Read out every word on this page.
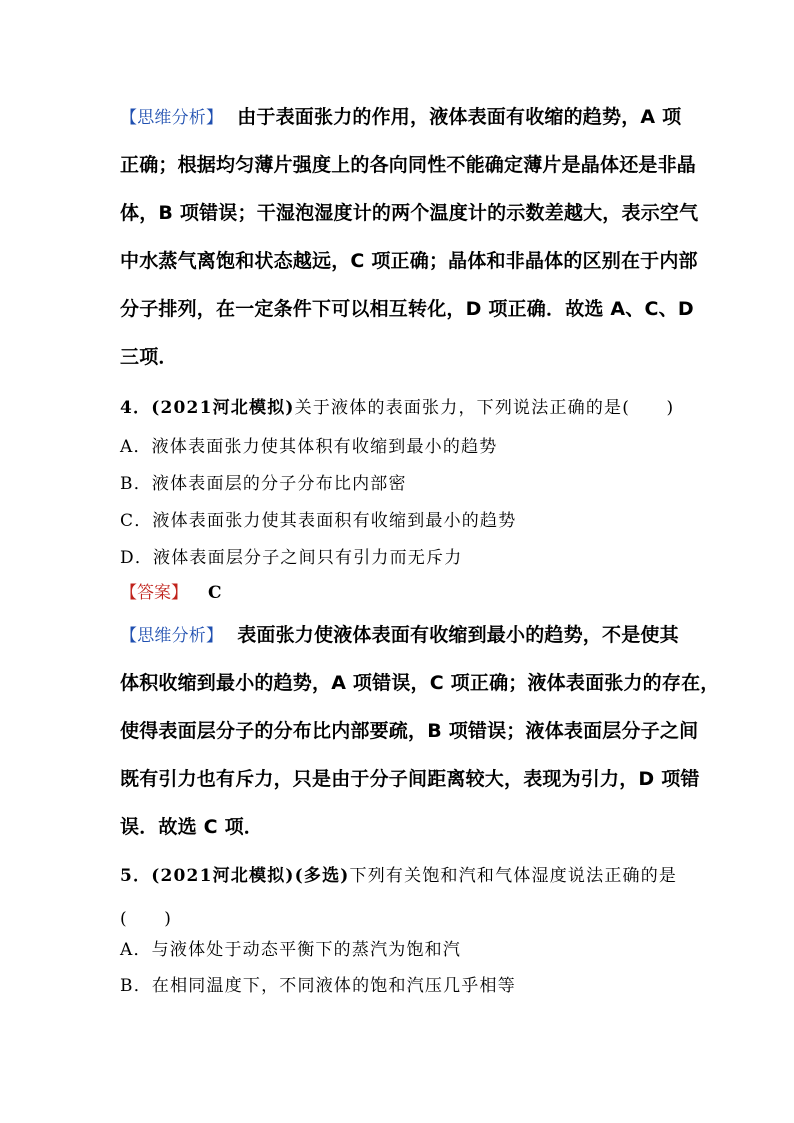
【思维分析】 由于表面张力的作用，液体表面有收缩的趋势，A 项
正确；根据均匀薄片强度上的各向同性不能确定薄片是晶体还是非晶
体，B 项错误；干湿泡湿度计的两个温度计的示数差越大，表示空气
中水蒸气离饱和状态越远，C 项正确；晶体和非晶体的区别在于内部
分子排列，在一定条件下可以相互转化，D 项正确．故选 A、C、D
三项．
4．(2021河北模拟)关于液体的表面张力，下列说法正确的是(　　)
A．液体表面张力使其体积有收缩到最小的趋势
B．液体表面层的分子分布比内部密
C．液体表面张力使其表面积有收缩到最小的趋势
D．液体表面层分子之间只有引力而无斥力
【答案】 C
【思维分析】 表面张力使液体表面有收缩到最小的趋势，不是使其
体积收缩到最小的趋势，A 项错误，C 项正确；液体表面张力的存在，
使得表面层分子的分布比内部要疏，B 项错误；液体表面层分子之间
既有引力也有斥力，只是由于分子间距离较大，表现为引力，D 项错
误．故选 C 项．
5．(2021河北模拟)(多选)下列有关饱和汽和气体湿度说法正确的是
(　　)
A．与液体处于动态平衡下的蒸汽为饱和汽
B．在相同温度下，不同液体的饱和汽压几乎相等
